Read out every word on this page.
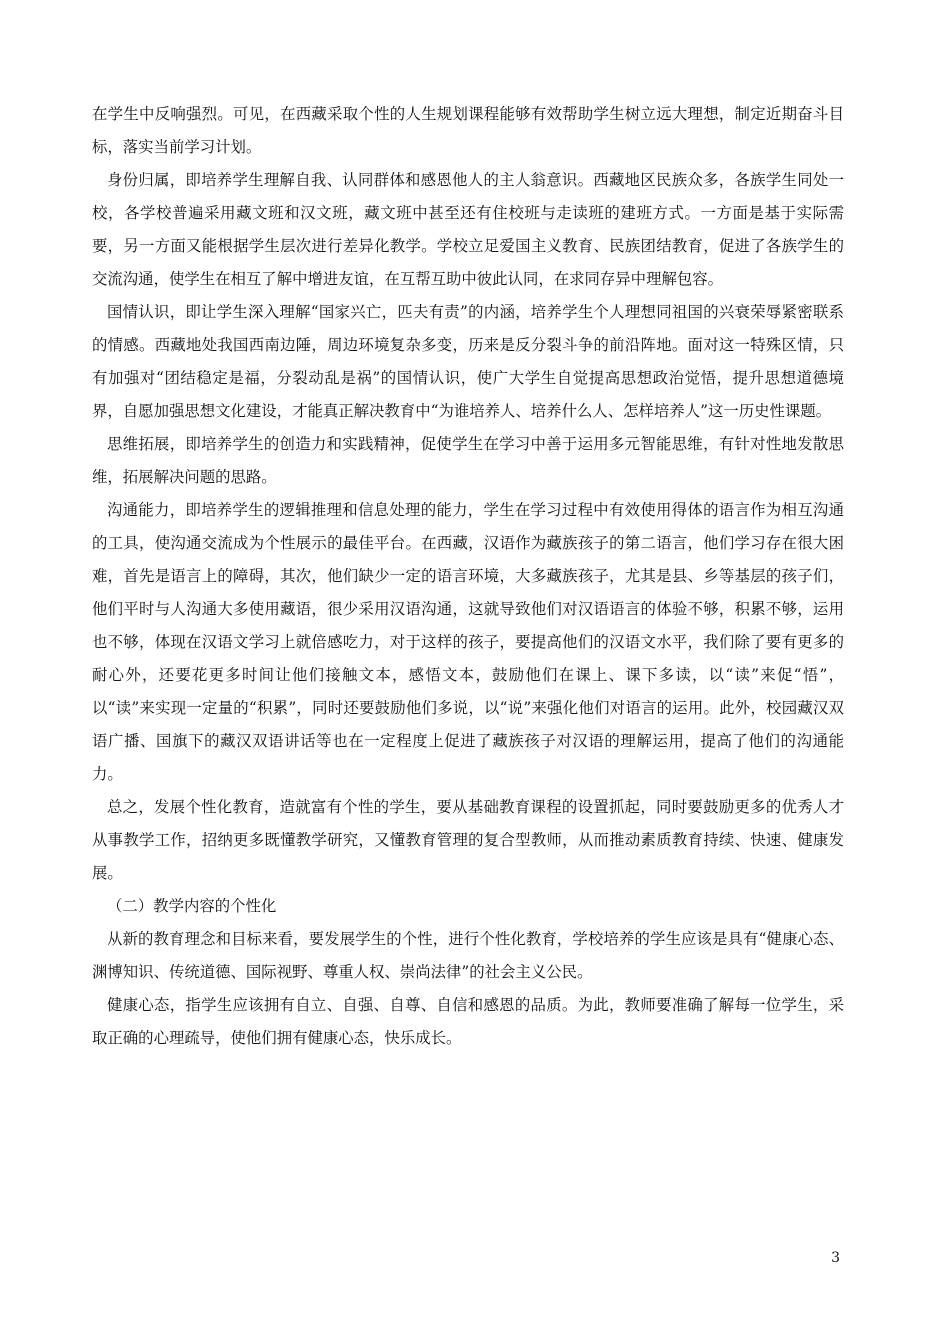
在学生中反响强烈。可见，在西藏采取个性的人生规划课程能够有效帮助学生树立远大理想，制定近期奋斗目标，落实当前学习计划。

身份归属，即培养学生理解自我、认同群体和感恩他人的主人翁意识。西藏地区民族众多，各族学生同处一校，各学校普遍采用藏文班和汉文班，藏文班中甚至还有住校班与走读班的建班方式。一方面是基于实际需要，另一方面又能根据学生层次进行差异化教学。学校立足爱国主义教育、民族团结教育，促进了各族学生的交流沟通，使学生在相互了解中增进友谊，在互帮互助中彼此认同，在求同存异中理解包容。

国情认识，即让学生深入理解“国家兴亡，匹夫有责”的内涵，培养学生个人理想同祖国的兴衰荣辱紧密联系的情感。西藏地处我国西南边陲，周边环境复杂多变，历来是反分裂斗争的前沿阵地。面对这一特殊区情，只有加强对“团结稳定是福，分裂动乱是祸”的国情认识，使广大学生自觉提高思想政治觉悟，提升思想道德境界，自愿加强思想文化建设，才能真正解决教育中“为谁培养人、培养什么人、怎样培养人”这一历史性课题。

思维拓展，即培养学生的创造力和实践精神，促使学生在学习中善于运用多元智能思维，有针对性地发散思维，拓展解决问题的思路。

沟通能力，即培养学生的逻辑推理和信息处理的能力，学生在学习过程中有效使用得体的语言作为相互沟通的工具，使沟通交流成为个性展示的最佳平台。在西藏，汉语作为藏族孩子的第二语言，他们学习存在很大困难，首先是语言上的障碍，其次，他们缺少一定的语言环境，大多藏族孩子，尤其是县、乡等基层的孩子们，他们平时与人沟通大多使用藏语，很少采用汉语沟通，这就导致他们对汉语语言的体验不够，积累不够，运用也不够，体现在汉语文学习上就倍感吃力，对于这样的孩子，要提高他们的汉语文水平，我们除了要有更多的耐心外，还要花更多时间让他们接触文本，感悟文本，鼓励他们在课上、课下多读，以“读”来促“悟”，以“读”来实现一定量的“积累”，同时还要鼓励他们多说，以“说”来强化他们对语言的运用。此外，校园藏汉双语广播、国旗下的藏汉双语讲话等也在一定程度上促进了藏族孩子对汉语的理解运用，提高了他们的沟通能力。

总之，发展个性化教育，造就富有个性的学生，要从基础教育课程的设置抓起，同时要鼓励更多的优秀人才从事教学工作，招纳更多既懂教学研究，又懂教育管理的复合型教师，从而推动素质教育持续、快速、健康发展。

（二）教学内容的个性化

从新的教育理念和目标来看，要发展学生的个性，进行个性化教育，学校培养的学生应该是具有“健康心态、渊博知识、传统道德、国际视野、尊重人权、崇尚法律”的社会主义公民。

健康心态，指学生应该拥有自立、自强、自尊、自信和感恩的品质。为此，教师要准确了解每一位学生，采取正确的心理疏导，使他们拥有健康心态，快乐成长。

3
